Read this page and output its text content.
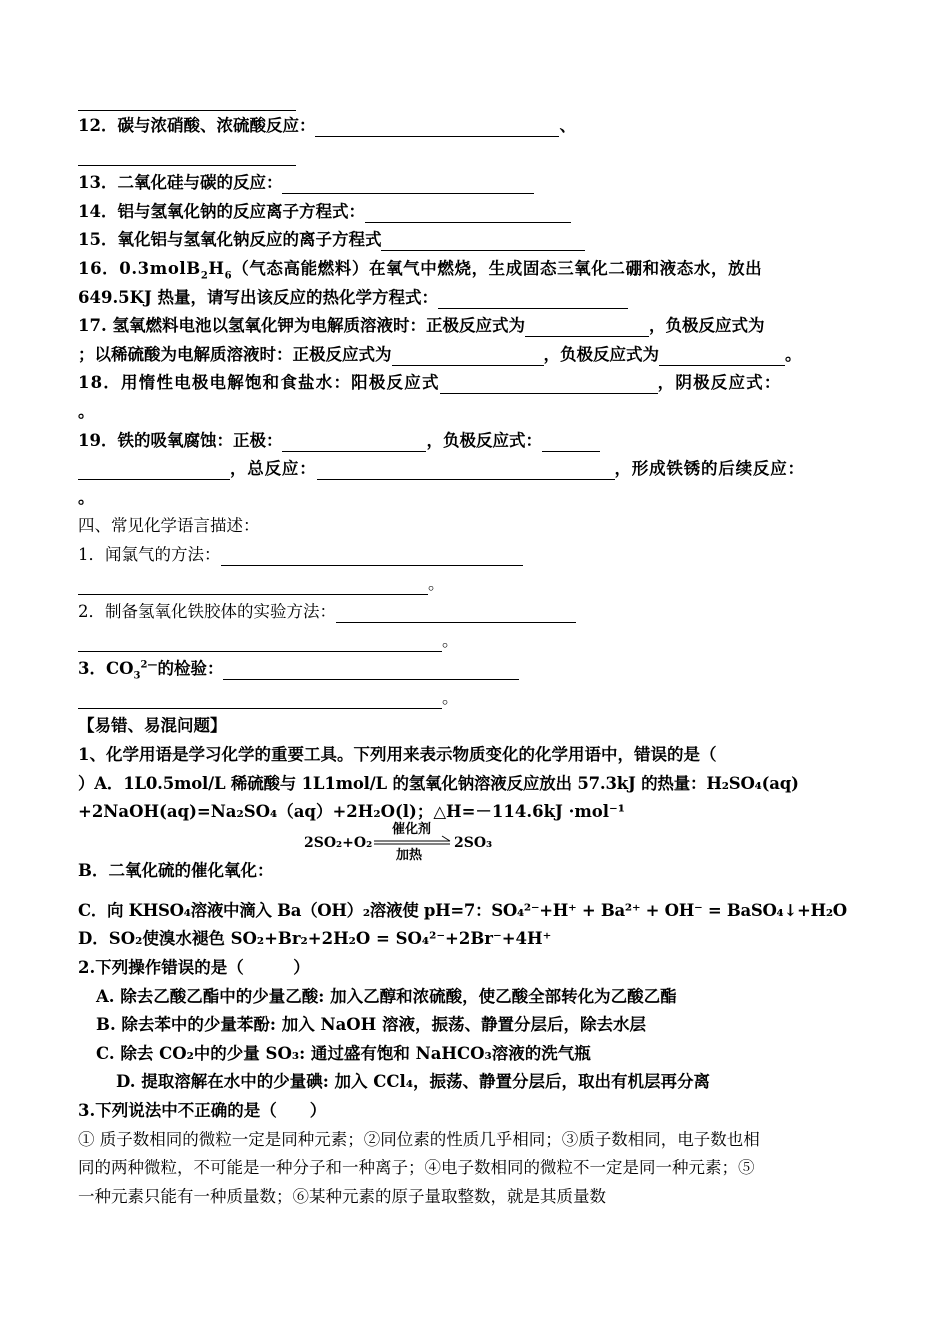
12．碳与浓硝酸、浓硫酸反应：	、
13．二氧化硅与碳的反应：
14．铝与氢氧化钠的反应离子方程式：
15．氧化铝与氢氧化钠反应的离子方程式
16．$0.3molB_2H_6$（气态高能燃料）在氧气中燃烧，生成固态三氧化二硼和液态水，放出
649.5KJ 热量，请写出该反应的热化学方程式：
17. 氢氧燃料电池以氢氧化钾为电解质溶液时：正极反应式为	，负极反应式为
；以稀硫酸为电解质溶液时：正极反应式为	，负极反应式为	。
18．用惰性电极电解饱和食盐水：阳极反应式	，阴极反应式：
。
19．铁的吸氧腐蚀：正极：	，负极反应式：
，总反应：	，形成铁锈的后续反应：
。
四、常见化学语言描述：
1．闻氯气的方法：
。
2．制备氢氧化铁胶体的实验方法：
。
3．$CO_3^{2—}$的检验：
。
【易错、易混问题】
1、化学用语是学习化学的重要工具。下列用来表示物质变化的化学用语中，错误的是（
）A．1L0.5mol/L 稀硫酸与 1L1mol/L 的氢氧化钠溶液反应放出 57.3kJ 的热量：H₂SO₄(aq)
+2NaOH(aq)=Na₂SO₄（aq）+2H₂O(l)；△H=－114.6kJ ·mol⁻¹
B．二氧化硫的催化氧化：
2SO₂+O₂
催化剂
加热
2SO₃
C．向 KHSO₄溶液中滴入 Ba（OH）₂溶液使 pH=7：SO₄²⁻+H⁺ + Ba²⁺ + OH⁻ = BaSO₄↓+H₂O
D．SO₂使溴水褪色 SO₂+Br₂+2H₂O = SO₄²⁻+2Br⁻+4H⁺
2.下列操作错误的是（　　　）
A. 除去乙酸乙酯中的少量乙酸: 加入乙醇和浓硫酸，使乙酸全部转化为乙酸乙酯
B. 除去苯中的少量苯酚: 加入 NaOH 溶液，振荡、静置分层后，除去水层
C. 除去 CO₂中的少量 SO₃: 通过盛有饱和 NaHCO₃溶液的洗气瓶
D. 提取溶解在水中的少量碘: 加入 CCl₄，振荡、静置分层后，取出有机层再分离
3.下列说法中不正确的是（　　）
① 质子数相同的微粒一定是同种元素；②同位素的性质几乎相同；③质子数相同，电子数也相
同的两种微粒，不可能是一种分子和一种离子；④电子数相同的微粒不一定是同一种元素；⑤
一种元素只能有一种质量数；⑥某种元素的原子量取整数，就是其质量数
